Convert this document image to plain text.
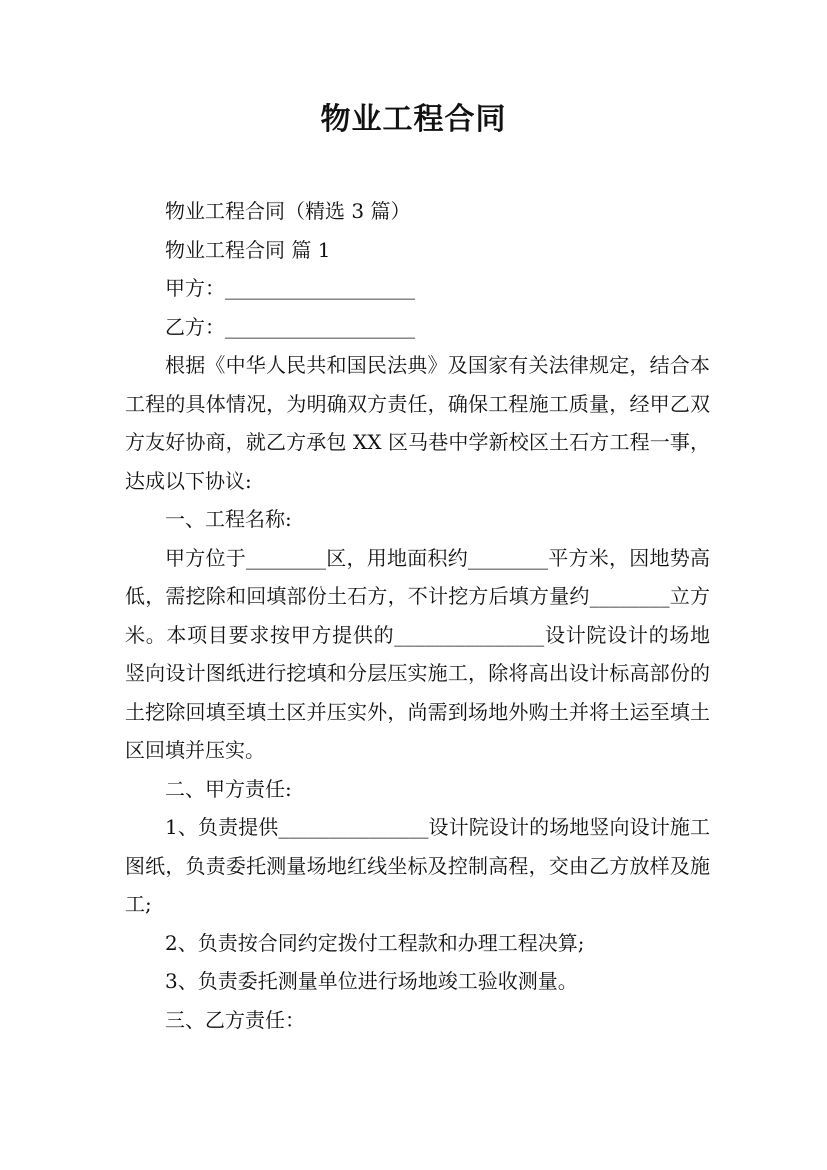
物业工程合同

物业工程合同（精选 3 篇）

物业工程合同 篇 1

甲方：___________________

乙方：___________________

根据《中华人民共和国民法典》及国家有关法律规定，结合本工程的具体情况，为明确双方责任，确保工程施工质量，经甲乙双方友好协商，就乙方承包 XX 区马巷中学新校区土石方工程一事，达成以下协议:

一、工程名称:

甲方位于________区，用地面积约________平方米，因地势高低，需挖除和回填部份土石方，不计挖方后填方量约________立方米。本项目要求按甲方提供的_______________设计院设计的场地竖向设计图纸进行挖填和分层压实施工，除将高出设计标高部份的土挖除回填至填土区并压实外，尚需到场地外购土并将土运至填土区回填并压实。

二、甲方责任:

1、负责提供_______________设计院设计的场地竖向设计施工图纸，负责委托测量场地红线坐标及控制高程，交由乙方放样及施工;

2、负责按合同约定拨付工程款和办理工程决算;

3、负责委托测量单位进行场地竣工验收测量。

三、乙方责任：
